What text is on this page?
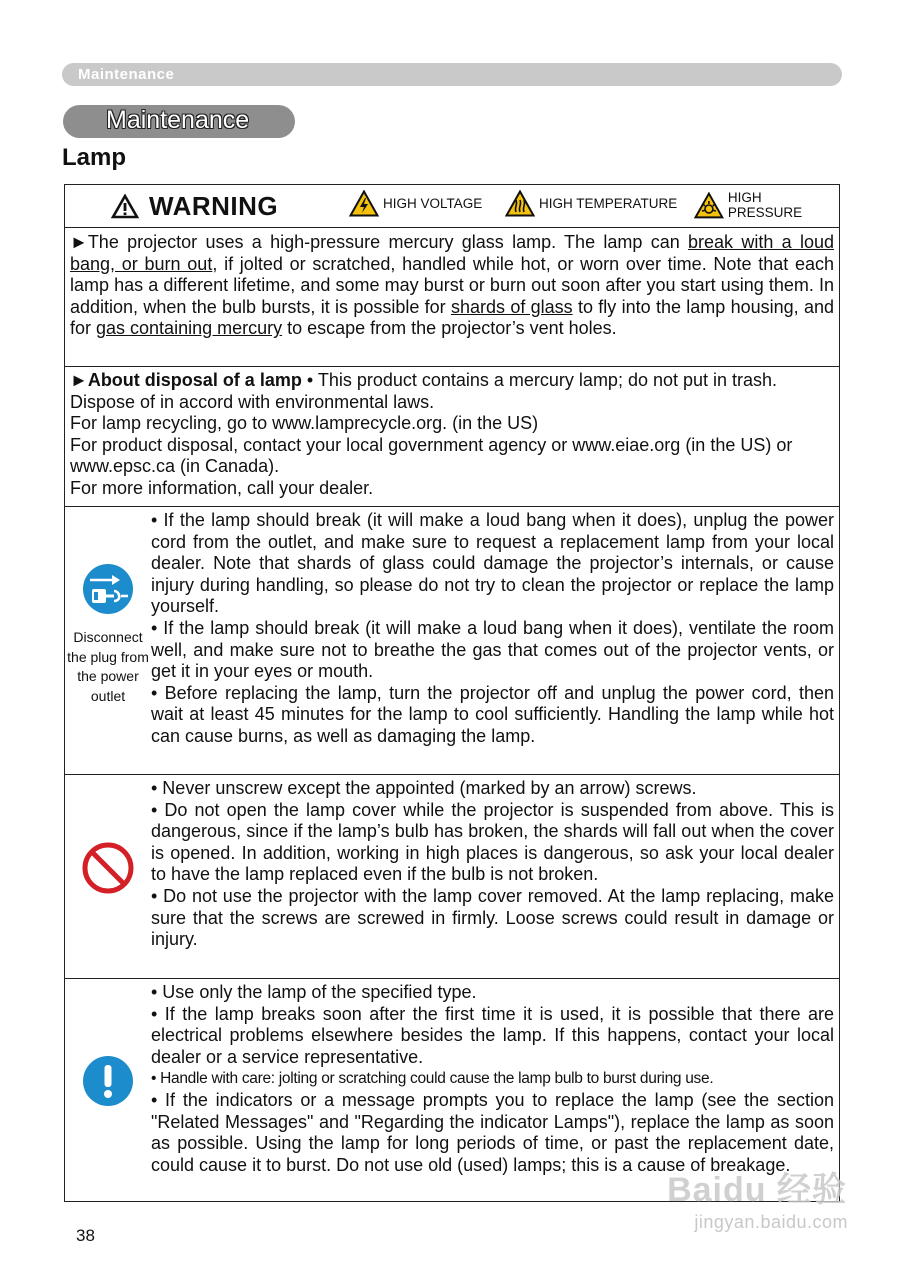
Maintenance
Maintenance
Lamp
WARNING	HIGH VOLTAGE	HIGH TEMPERATURE	HIGH PRESSURE

►The projector uses a high-pressure mercury glass lamp. The lamp can break with a loud bang, or burn out, if jolted or scratched, handled while hot, or worn over time. Note that each lamp has a different lifetime, and some may burst or burn out soon after you start using them. In addition, when the bulb bursts, it is possible for shards of glass to fly into the lamp housing, and for gas containing mercury to escape from the projector’s vent holes.

►About disposal of a lamp • This product contains a mercury lamp; do not put in trash. Dispose of in accord with environmental laws.

For lamp recycling, go to www.lamprecycle.org. (in the US)

For product disposal, contact your local government agency or www.eiae.org (in the US) or www.epsc.ca (in Canada).

For more information, call your dealer.

Disconnect the plug from the power outlet

• If the lamp should break (it will make a loud bang when it does), unplug the power cord from the outlet, and make sure to request a replacement lamp from your local dealer. Note that shards of glass could damage the projector’s internals, or cause injury during handling, so please do not try to clean the projector or replace the lamp yourself.

• If the lamp should break (it will make a loud bang when it does), ventilate the room well, and make sure not to breathe the gas that comes out of the projector vents, or get it in your eyes or mouth.

• Before replacing the lamp, turn the projector off and unplug the power cord, then wait at least 45 minutes for the lamp to cool sufficiently. Handling the lamp while hot can cause burns, as well as damaging the lamp.

• Never unscrew except the appointed (marked by an arrow) screws.

• Do not open the lamp cover while the projector is suspended from above. This is dangerous, since if the lamp’s bulb has broken, the shards will fall out when the cover is opened. In addition, working in high places is dangerous, so ask your local dealer to have the lamp replaced even if the bulb is not broken.

• Do not use the projector with the lamp cover removed. At the lamp replacing, make sure that the screws are screwed in firmly. Loose screws could result in damage or injury.

• Use only the lamp of the specified type.

• If the lamp breaks soon after the first time it is used, it is possible that there are electrical problems elsewhere besides the lamp. If this happens, contact your local dealer or a service representative.

• Handle with care: jolting or scratching could cause the lamp bulb to burst during use.

• If the indicators or a message prompts you to replace the lamp (see the section "Related Messages" and "Regarding the indicator Lamps"), replace the lamp as soon as possible. Using the lamp for long periods of time, or past the replacement date, could cause it to burst. Do not use old (used) lamps; this is a cause of breakage.

38
Baidu 经验
jingyan.baidu.com
